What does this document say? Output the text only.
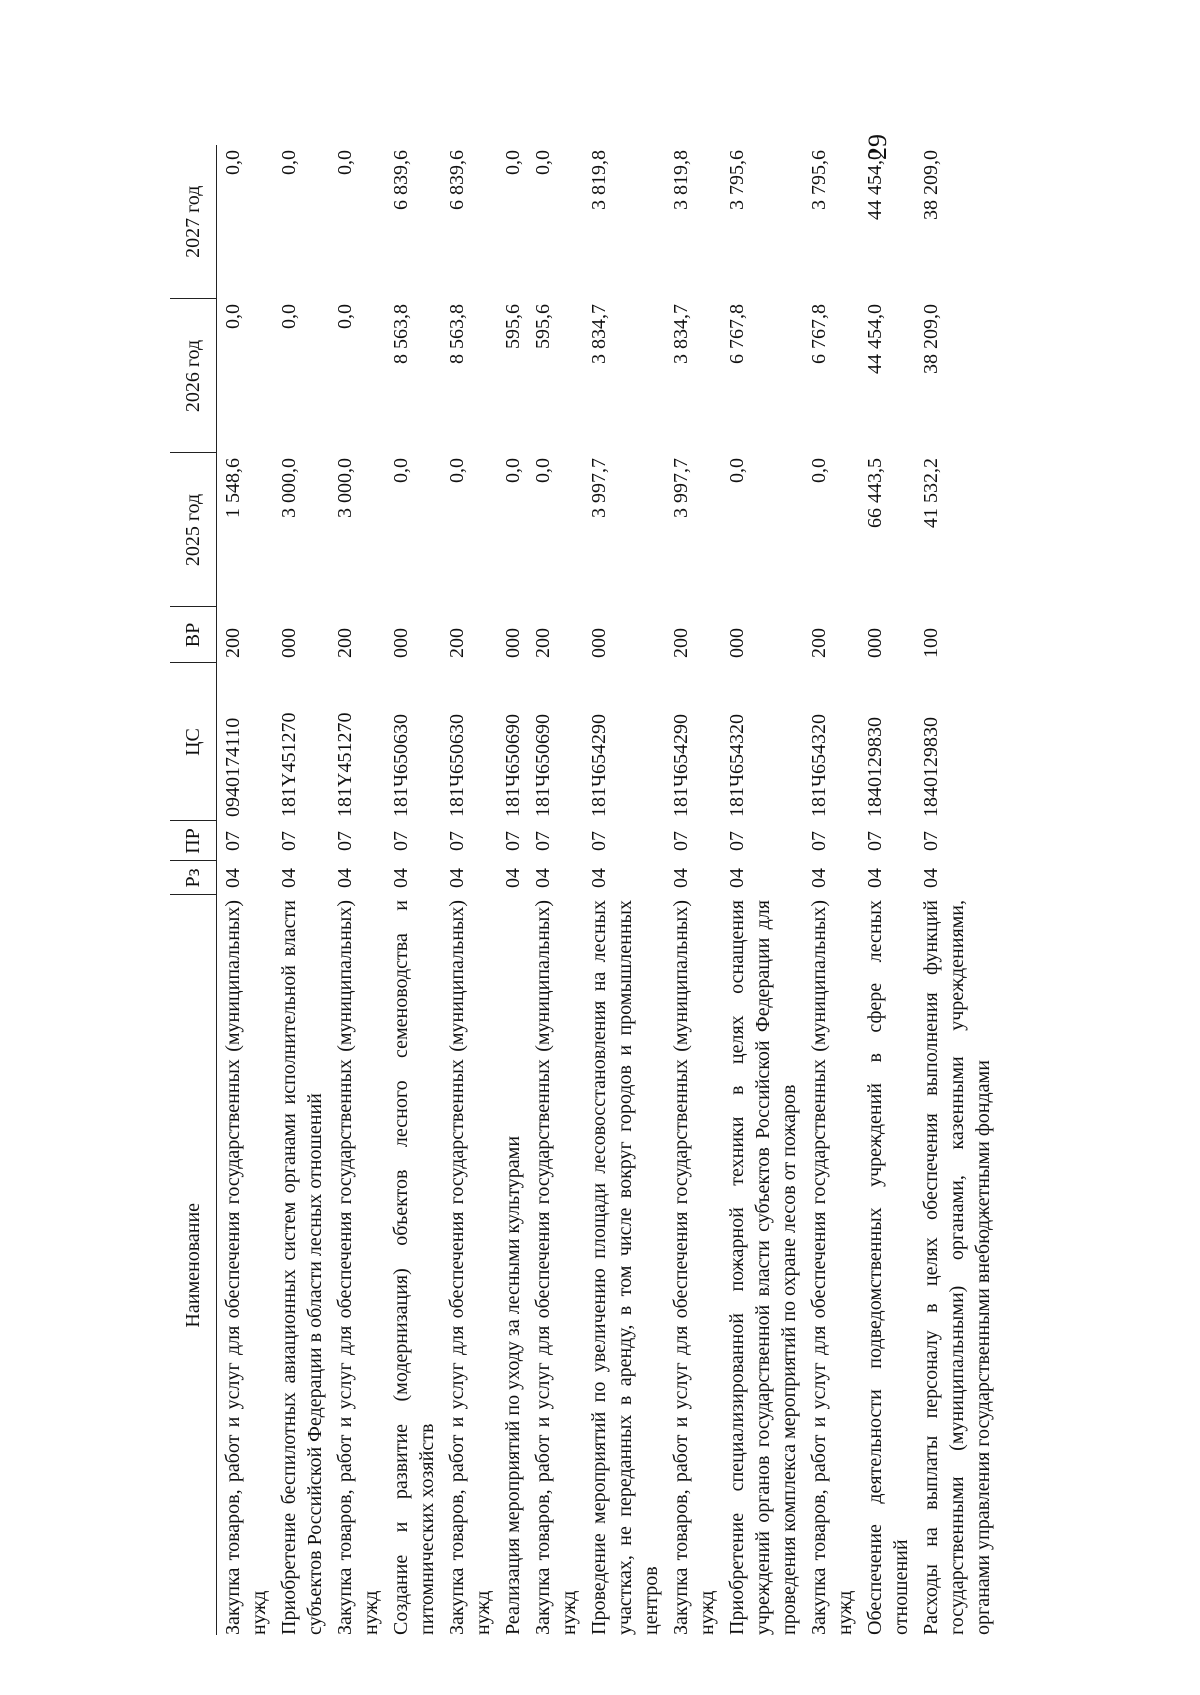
29
Наименование	Рз	ПР	ЦС	ВР	2025 год	2026 год	2027 год
Закупка товаров, работ и услуг для обеспечения государственных (муниципальных) нужд	04	07	0940174110	200	1 548,6	0,0	0,0
Приобретение беспилотных авиационных систем органами исполнительной власти субъектов Российской Федерации в области лесных отношений	04	07	181Y451270	000	3 000,0	0,0	0,0
Закупка товаров, работ и услуг для обеспечения государственных (муниципальных) нужд	04	07	181Y451270	200	3 000,0	0,0	0,0
Создание и развитие (модернизация) объектов лесного семеноводства и питомнических хозяйств	04	07	181Ч650630	000	0,0	8 563,8	6 839,6
Закупка товаров, работ и услуг для обеспечения государственных (муниципальных) нужд	04	07	181Ч650630	200	0,0	8 563,8	6 839,6
Реализация мероприятий по уходу за лесными культурами	04	07	181Ч650690	000	0,0	595,6	0,0
Закупка товаров, работ и услуг для обеспечения государственных (муниципальных) нужд	04	07	181Ч650690	200	0,0	595,6	0,0
Проведение мероприятий по увеличению площади лесовосстановления на лесных участках, не переданных в аренду, в том числе вокруг городов и промышленных центров	04	07	181Ч654290	000	3 997,7	3 834,7	3 819,8
Закупка товаров, работ и услуг для обеспечения государственных (муниципальных) нужд	04	07	181Ч654290	200	3 997,7	3 834,7	3 819,8
Приобретение специализированной пожарной техники в целях оснащения учреждений органов государственной власти субъектов Российской Федерации для проведения комплекса мероприятий по охране лесов от пожаров	04	07	181Ч654320	000	0,0	6 767,8	3 795,6
Закупка товаров, работ и услуг для обеспечения государственных (муниципальных) нужд	04	07	181Ч654320	200	0,0	6 767,8	3 795,6
Обеспечение деятельности подведомственных учреждений в сфере лесных отношений	04	07	1840129830	000	66 443,5	44 454,0	44 454,0
Расходы на выплаты персоналу в целях обеспечения выполнения функций государственными (муниципальными) органами, казенными учреждениями, органами управления государственными внебюджетными фондами	04	07	1840129830	100	41 532,2	38 209,0	38 209,0
